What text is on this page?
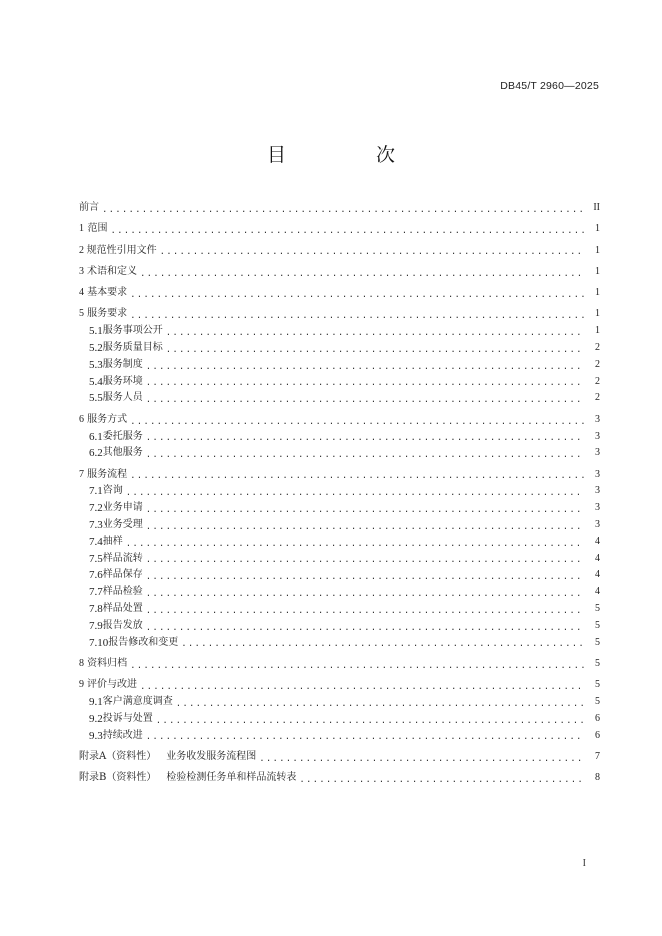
DB45/T 2960—2025
目 次
前言 .....	II
1 范围 .....	1
2 规范性引用文件 .....	1
3 术语和定义 .....	1
4 基本要求 .....	1
5 服务要求 .....	1
5.1 服务事项公开 .....	1
5.2 服务质量目标 .....	2
5.3 服务制度 .....	2
5.4 服务环境 .....	2
5.5 服务人员 .....	2
6 服务方式 .....	3
6.1 委托服务 .....	3
6.2 其他服务 .....	3
7 服务流程 .....	3
7.1 咨询 .....	3
7.2 业务申请 .....	3
7.3 业务受理 .....	3
7.4 抽样 .....	4
7.5 样品流转 .....	4
7.6 样品保存 .....	4
7.7 样品检验 .....	4
7.8 样品处置 .....	5
7.9 报告发放 .....	5
7.10 报告修改和变更 .....	5
8 资料归档 .....	5
9 评价与改进 .....	5
9.1 客户满意度调查 .....	5
9.2 投诉与处置 .....	6
9.3 持续改进 .....	6
附录A（资料性） 业务收发服务流程图 .....	7
附录B（资料性） 检验检测任务单和样品流转表 .....	8
I
